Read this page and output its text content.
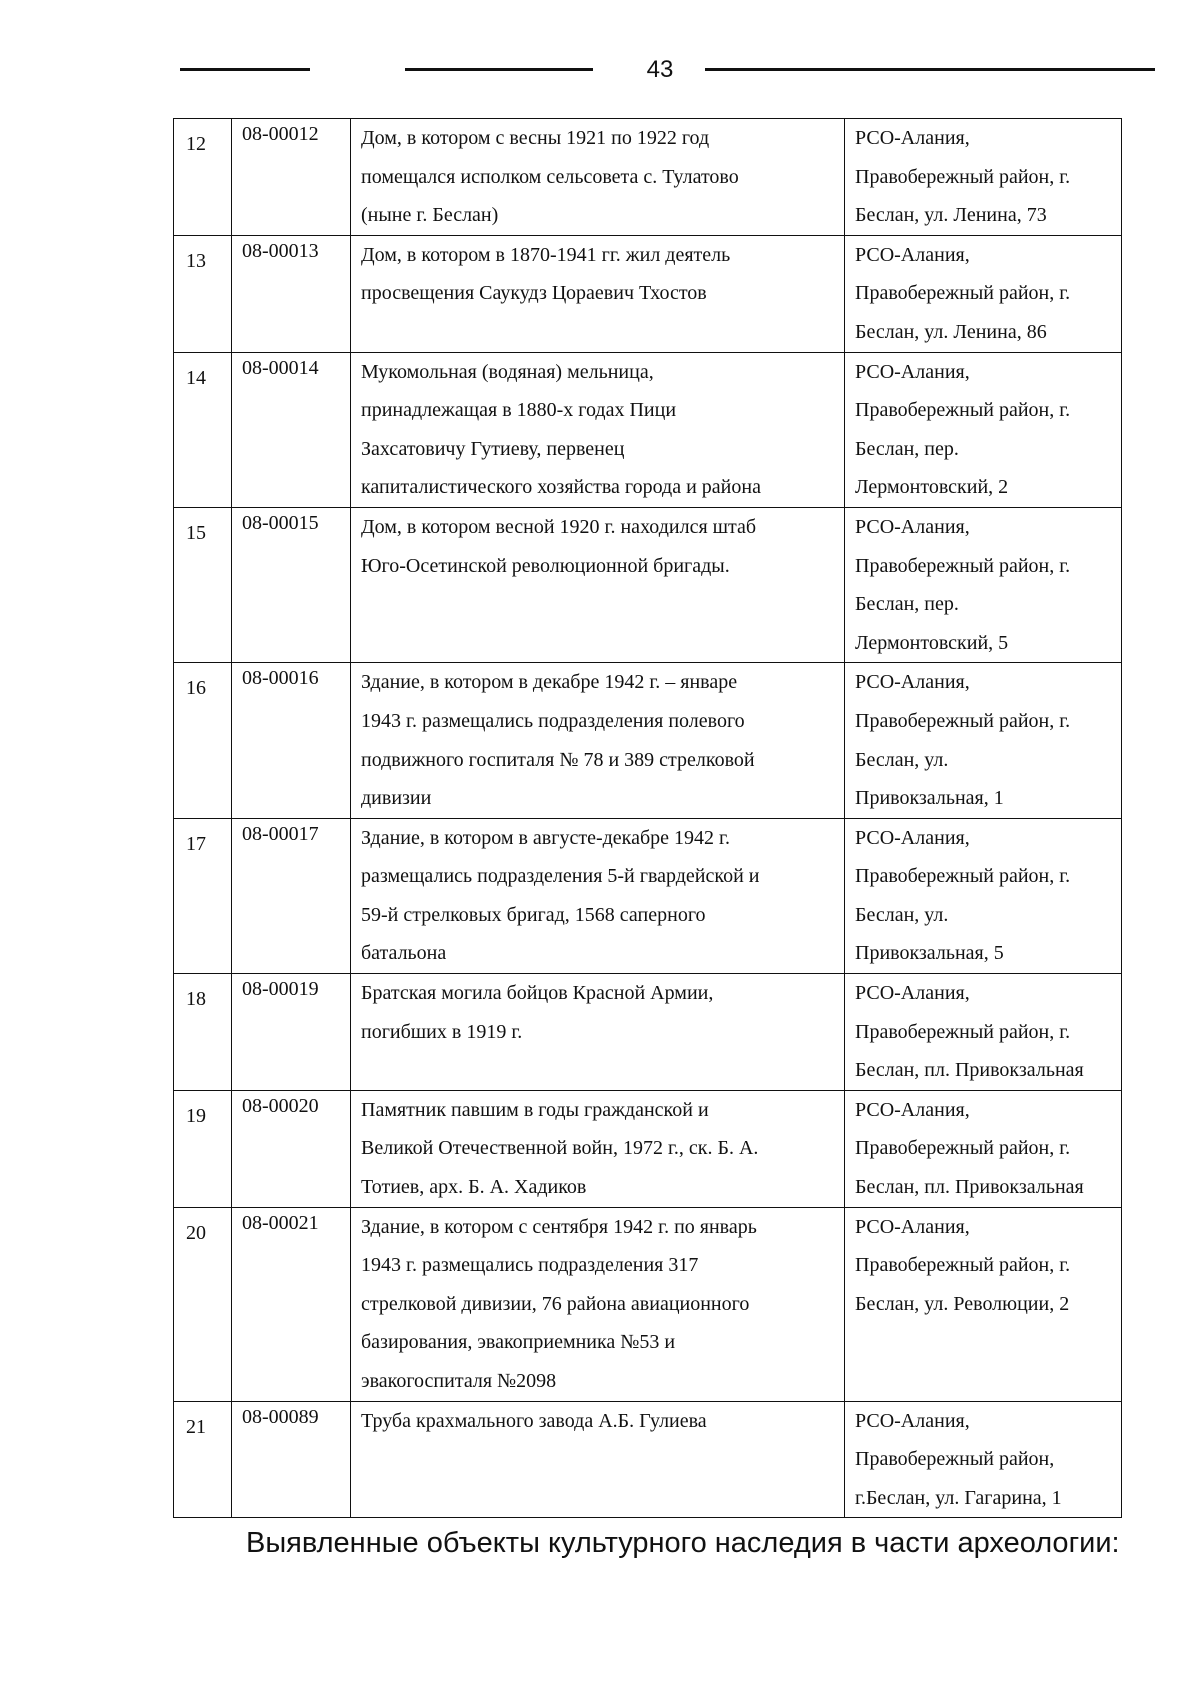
43
12	08-00012	Дом, в котором с весны 1921 по 1922 год
помещался исполком сельсовета с. Тулатово
(ныне г. Беслан)	РСО-Алания,
Правобережный район, г.
Беслан, ул. Ленина, 73

13	08-00013	Дом, в котором в 1870-1941 гг. жил деятель
просвещения Саукудз Цораевич Тхостов	РСО-Алания,
Правобережный район, г.
Беслан, ул. Ленина, 86

14	08-00014	Мукомольная (водяная) мельница,
принадлежащая в 1880-х годах Пици
Захсатовичу Гутиеву, первенец
капиталистического хозяйства города и района	РСО-Алания,
Правобережный район, г.
Беслан, пер.
Лермонтовский, 2

15	08-00015	Дом, в котором весной 1920 г. находился штаб
Юго-Осетинской революционной бригады.	РСО-Алания,
Правобережный район, г.
Беслан, пер.
Лермонтовский, 5

16	08-00016	Здание, в котором в декабре 1942 г. – январе
1943 г. размещались подразделения полевого
подвижного госпиталя № 78 и 389 стрелковой
дивизии	РСО-Алания,
Правобережный район, г.
Беслан, ул.
Привокзальная, 1

17	08-00017	Здание, в котором в августе-декабре 1942 г.
размещались подразделения 5-й гвардейской и
59-й стрелковых бригад, 1568 саперного
батальона	РСО-Алания,
Правобережный район, г.
Беслан, ул.
Привокзальная, 5

18	08-00019	Братская могила бойцов Красной Армии,
погибших в 1919 г.	РСО-Алания,
Правобережный район, г.
Беслан, пл. Привокзальная

19	08-00020	Памятник павшим в годы гражданской и
Великой Отечественной войн, 1972 г., ск. Б. А.
Тотиев, арх. Б. А. Хадиков	РСО-Алания,
Правобережный район, г.
Беслан, пл. Привокзальная

20	08-00021	Здание, в котором с сентября 1942 г. по январь
1943 г. размещались подразделения 317
стрелковой дивизии, 76 района авиационного
базирования, эвакоприемника №53 и
эвакогоспиталя №2098	РСО-Алания,
Правобережный район, г.
Беслан, ул. Революции, 2

21	08-00089	Труба крахмального завода А.Б. Гулиева	РСО-Алания,
Правобережный район,
г.Беслан, ул. Гагарина, 1
Выявленные объекты культурного наследия в части археологии:
